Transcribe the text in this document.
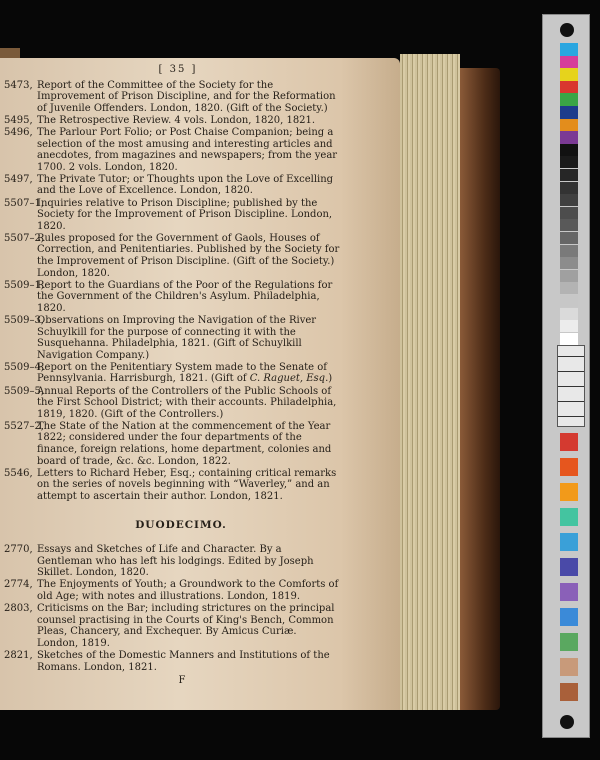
[ 35 ]
5473, Report of the Committee of the Society for the Improvement of Prison Discipline, and for the Reformation of Juvenile Offenders. London, 1820. (Gift of the Society.)
5495, The Retrospective Review. 4 vols. London, 1820, 1821.
5496, The Parlour Port Folio; or Post Chaise Companion; being a selection of the most amusing and interesting articles and anecdotes, from magazines and newspapers; from the year 1700. 2 vols. London, 1820.
5497, The Private Tutor; or Thoughts upon the Love of Excelling and the Love of Excellence. London, 1820.
5507–1,
Inquiries relative to Prison Discipline; published by the Society for the Improvement of Prison Discipline. London, 1820.
5507–2,
Rules proposed for the Government of Gaols, Houses of Correction, and Penitentiaries. Published by the Society for the Improvement of Prison Discipline. (Gift of the Society.) London, 1820.
5509–1,
Report to the Guardians of the Poor of the Regulations for the Government of the Children's Asylum. Philadelphia, 1820.
5509–3,
Observations on Improving the Navigation of the River Schuylkill for the purpose of connecting it with the Susquehanna. Philadelphia, 1821. (Gift of Schuylkill Navigation Company.)
5509–4,
Report on the Penitentiary System made to the Senate of Pennsylvania. Harrisburgh, 1821. (Gift of C. Raguet, Esq.)
5509–5,
Annual Reports of the Controllers of the Public Schools of the First School District; with their accounts. Philadelphia, 1819, 1820. (Gift of the Controllers.)
5527–2,
The State of the Nation at the commencement of the Year 1822; considered under the four departments of the finance, foreign relations, home department, colonies and board of trade, &c. &c. London, 1822.
5546, Letters to Richard Heber, Esq.; containing critical remarks on the series of novels beginning with “Waverley,” and an attempt to ascertain their author. London, 1821.
DUODECIMO.
2770, Essays and Sketches of Life and Character. By a Gentleman who has left his lodgings. Edited by Joseph Skillet. London, 1820.
2774, The Enjoyments of Youth; a Groundwork to the Comforts of old Age; with notes and illustrations. London, 1819.
2803, Criticisms on the Bar; including strictures on the principal counsel practising in the Courts of King's Bench, Common Pleas, Chancery, and Exchequer. By Amicus Curiæ. London, 1819.
2821, Sketches of the Domestic Manners and Institutions of the Romans. London, 1821.
F
